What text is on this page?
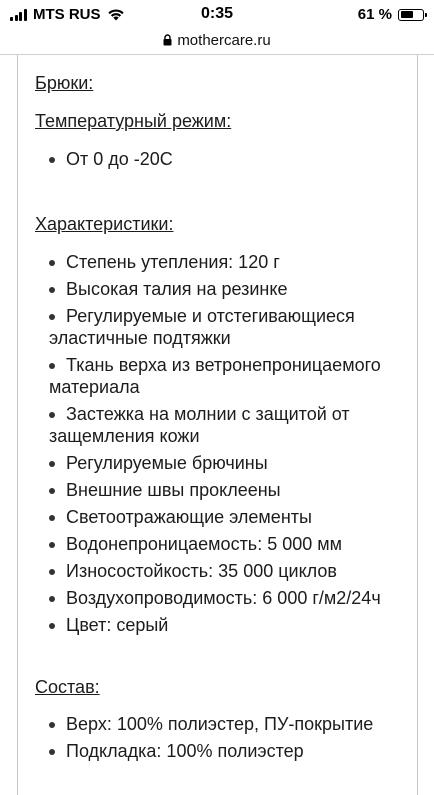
MTS RUS	0:35	61 %
mothercare.ru
Брюки:
Температурный режим:
От 0 до -20С
Характеристики:
Степень утепления: 120 г
Высокая талия на резинке
Регулируемые и отстегивающиеся эластичные подтяжки
Ткань верха из ветронепроницаемого материала
Застежка на молнии с защитой от защемления кожи
Регулируемые брючины
Внешние швы проклеены
Светоотражающие элементы
Водонепроницаемость: 5 000 мм
Износостойкость: 35 000 циклов
Воздухопроводимость: 6 000 г/м2/24ч
Цвет: серый
Состав:
Верх: 100% полиэстер, ПУ-покрытие
Подкладка: 100% полиэстер
